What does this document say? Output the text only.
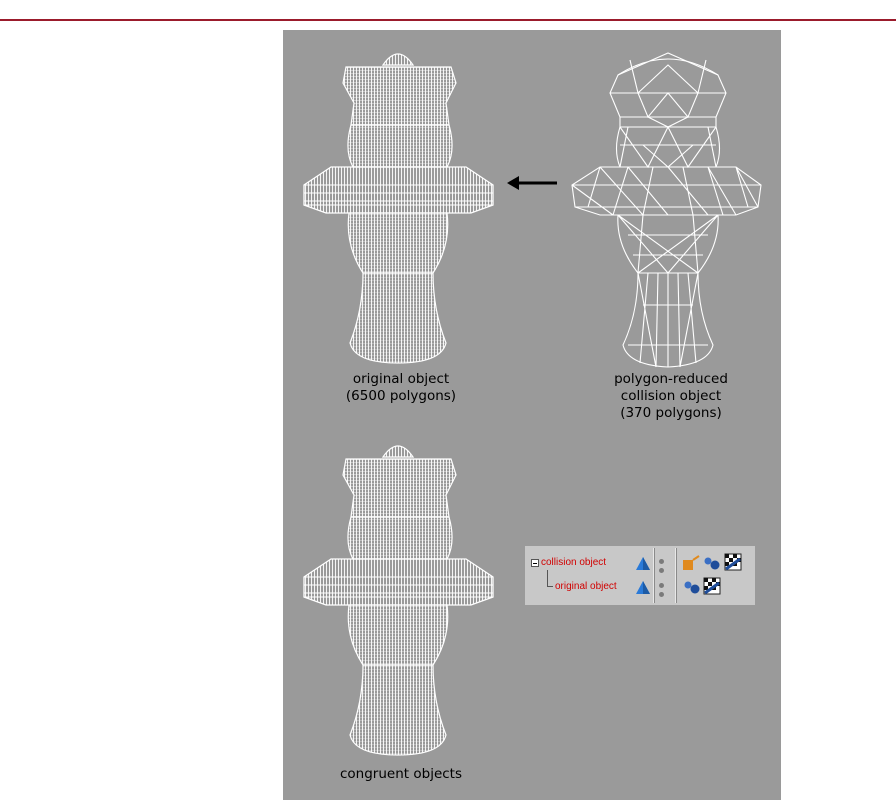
original object
(6500 polygons)
polygon-reduced
collision object
(370 polygons)
congruent objects
collision object
original object
